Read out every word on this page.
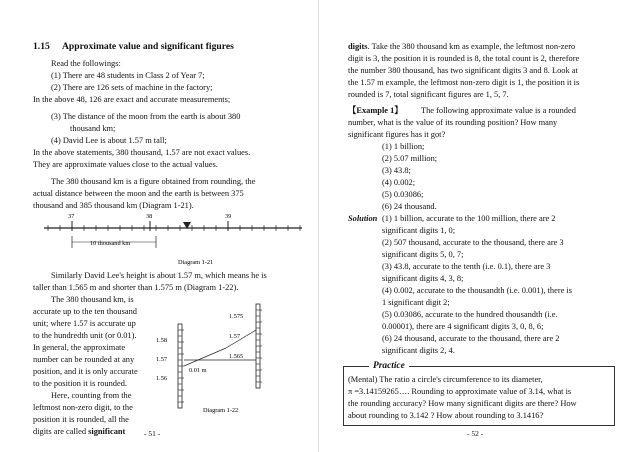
1.15 Approximate value and significant figures
Read the followings:
(1) There are 48 students in Class 2 of Year 7;
(2) There are 126 sets of machine in the factory;
In the above 48, 126 are exact and accurate measurements;
(3) The distance of the moon from the earth is about 380
thousand km;
(4) David Lee is about 1.57 m tall;
In the above statements, 380 thousand, 1.57 are not exact values.
They are approximate values close to the actual values.
The 380 thousand km is a figure obtained from rounding, the
actual distance between the moon and the earth is between 375
thousand and 385 thousand km (Diagram 1-21).
37	38	39
10 thousand km
Diagram 1-21
Similarly David Lee's height is about 1.57 m, which means he is
taller than 1.565 m and shorter than 1.575 m (Diagram 1-22).
The 380 thousand km, is
accurate up to the ten thousand
unit; where 1.57 is accurate up
to the hundredth unit (or 0.01).
In general, the approximate
number can be rounded at any
position, and it is only accurate
to the position it is rounded.
Here, counting from the
leftmost non-zero digit, to the
position it is rounded, all the
digits are called significant
1.58
1.57
1.56
1.575
1.57
1.565
0.01 m
Diagram 1-22
- 51 -
digits. Take the 380 thousand km as example, the leftmost non-zero
digit is 3, the position it is rounded is 8, the total count is 2, therefore
the number 380 thousand, has two significant digits 3 and 8. Look at
the 1.57 m example, the leftmost non-zero digit is 1, the position it is
rounded is 7, total significant figures are 1, 5, 7.
【Example 1】 The following approximate value is a rounded
number, what is the value of its rounding position? How many
significant figures has it got?
(1) 1 billion;
(2) 5.07 million;
(3) 43.8;
(4) 0.002;
(5) 0.03086;
(6) 24 thousand.
Solution (1) 1 billion, accurate to the 100 million, there are 2
significant digits 1, 0;
(2) 507 thousand, accurate to the thousand, there are 3
significant digits 5, 0, 7;
(3) 43.8, accurate to the tenth (i.e. 0.1), there are 3
significant digits 4, 3, 8;
(4) 0.002, accurate to the thousandth (i.e. 0.001), there is
1 significant digit 2;
(5) 0.03086, accurate to the hundred thousandth (i.e.
0.00001), there are 4 significant digits 3, 0, 8, 6;
(6) 24 thousand, accurate to the thousand, there are 2
significant digits 2, 4.
Practice
(Mental) The ratio a circle's circumference to its diameter,
π =3.14159265…. Rounding to approximate value of 3.14, what is
the rounding accuracy? How many significant digits are there? How
about rounding to 3.142 ? How about rounding to 3.1416?
- 52 -
